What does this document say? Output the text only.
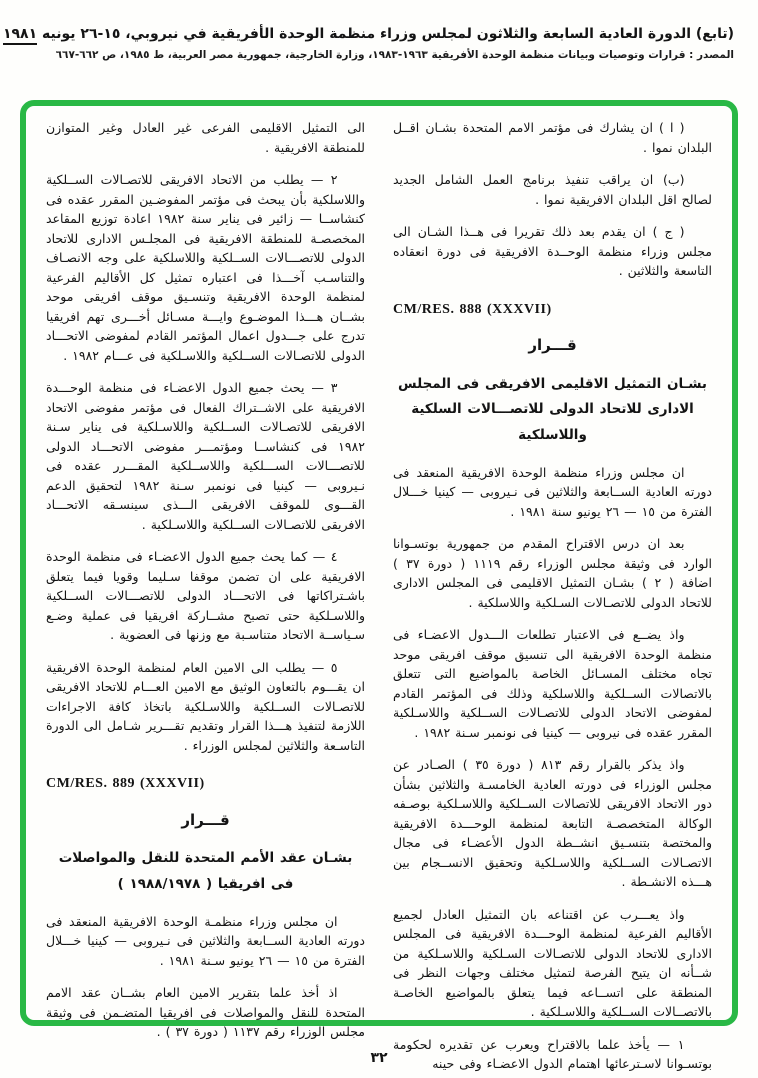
(تابع) الدورة العادية السابعة والثلاثون لمجلس وزراء منظمة الوحدة الأفريقية في نيروبي، ١٥-٢٦ يونيه ١٩٨١
المصدر : قرارات وتوصيات وبيانات منظمة الوحدة الأفريقية ١٩٦٣-١٩٨٣، وزارة الخارجية، جمهورية مصر العربية، ط ١٩٨٥، ص ٦٦٢-٦٦٧

( ا ) ان يشارك فى مؤتمر الامم المتحدة بشـان اقــل البلدان نموا .

(ب) ان يراقب تنفيذ برنامج العمل الشامل الجديد لصالح اقل البلدان الافريقية نموا .

( ج ) ان يقدم بعد ذلك تقريرا فى هــذا الشـان الى مجلس وزراء منظمة الوحــدة الافريقية فى دورة انعقاده التاسعة والثلاثين .

CM/RES. 888 (XXXVII)

قـــرار

بشـان التمثيل الاقليمى الافريقى فى المجلس الادارى للاتحاد الدولى للاتصـــالات السلكية واللاسلكية

ان مجلس وزراء منظمة الوحدة الافريقية المنعقد فى دورته العادية الســابعة والثلاثين فى نـيروبى — كينيا خـــلال الفترة من ١٥ — ٢٦ يونيو سنة ١٩٨١ .

بعد ان درس الاقتراح المقدم من جمهورية بوتسـوانا الوارد فى وثيقة مجلس الوزراء رقم ١١١٩ ( دورة ٣٧ ) اضافة ( ٢ ) بشـان التمثيل الاقليمى فى المجلس الادارى للاتحاد الدولى للاتصـالات السـلكية واللاسلكية .

واذ يضــع فى الاعتبار تطلعات الـــدول الاعضـاء فى منظمة الوحدة الافريقية الى تنسيق موقف افريقى موحد تجاه مختلف المسـائل الخاصة بالمواضيع التى تتعلق بالاتصالات الســلكية واللاسلكية وذلك فى المؤتمر القادم لمفوضى الاتحاد الدولى للاتصـالات الســلكية واللاسـلكية المقرر عقده فى نيروبى — كينيا فى نونمبر سـنة ١٩٨٢ .

واذ يذكر بالقرار رقم ٨١٣ ( دورة ٣٥ ) الصـادر عن مجلس الوزراء فى دورته العادية الخامسـة والثلاثين بشأن دور الاتحاد الافريقى للاتصالات الســلكية واللاسـلكية بوصـفه الوكالة المتخصصـة التابعة لمنظمة الوحـــدة الافريقية والمختصة بتنسـيق انشــطة الدول الأعضـاء فى مجال الاتصـالات الســلكية واللاسـلكية وتحقيق الانســجام بين هـــذه الانشـطة .

واذ يعـــرب عن اقتناعه بان التمثيل العادل لجميع الأقاليم الفرعية لمنظمة الوحـــدة الافريقية فى المجلس الادارى للاتحاد الدولى للاتصـالات السـلكية واللاسـلكية من شــأنه ان يتيح الفرصة لتمثيل مختلف وجهات النظر فى المنطقة على اتســاعه فيما يتعلق بالمواضيع الخاصـة بالاتصــالات الســلكية واللاسـلكية .

١ — يأخذ علما بالاقتراح ويعرب عن تقديره لحكومة بوتسـوانا لاسـترعائها اهتمام الدول الاعضـاء وفى حينه

الى التمثيل الاقليمى الفرعى غير العادل وغير المتوازن للمنطقة الافريقية .

٢ — يطلب من الاتحاد الافريقى للاتصـالات الســلكية واللاسلكية بأن يبحث فى مؤتمر المفوضـين المقرر عقده فى كنشاســا — زائير فى يناير سنة ١٩٨٢ اعادة توزيع المقاعد المخصصـة للمنطقة الافريقية فى المجلـس الادارى للاتحاد الدولى للاتصـــالات الســلكية واللاسلكية على وجه الانصـاف والتناسـب آخـــذا فى اعتباره تمثيل كل الأقاليم الفرعية لمنظمة الوحدة الافريقية وتنسـيق موقف افريقى موحد بشــان هـــذا الموضـوع وايـــة مسـائل أخـــرى تهم افريقيا تدرج على جـــدول اعمال المؤتمر القادم لمفوضى الاتحـــاد الدولى للاتصـالات الســلكية واللاسـلكية فى عـــام ١٩٨٢ .

٣ — يحث جميع الدول الاعضـاء فى منظمة الوحـــدة الافريقية على الاشــتراك الفعال فى مؤتمر مفوضى الاتحاد الافريقى للاتصـالات الســلكية واللاسـلكية فى يناير سـنة ١٩٨٢ فى كنشاســا ومؤتمـــر مفوضى الاتحـــاد الدولى للاتصـــالات الســـلكية واللاســلكية المقـــرر عقده فى نـيروبى — كينيا فى نونمبر سـنة ١٩٨٢ لتحقيق الدعم القـــوى للموقف الافريقى الـــذى سينسـقه الاتحـــاد الافريقى للاتصـالات الســلكية واللاسـلكية .

٤ — كما يحث جميع الدول الاعضـاء فى منظمة الوحدة الافريقية على ان تضمن موقفا سـليما وقويا فيما يتعلق باشـتراكاتها فى الاتحـــاد الدولى للاتصـــالات الســلكية واللاسـلكية حتى تصبح مشــاركة افريقيا فى عملية وضـع سـياســة الاتحاد متناسـبة مع وزنها فى العضوية .

٥ — يطلب الى الامين العام لمنظمة الوحدة الافريقية ان يقـــوم بالتعاون الوثيق مع الامين العـــام للاتحاد الافريقى للاتصـالات الســلكية واللاسـلكية باتخاذ كافة الاجراءات اللازمة لتنفيذ هـــذا القرار وتقديم تقـــرير شـامل الى الدورة التاسـعة والثلاثين لمجلس الوزراء .

CM/RES. 889 (XXXVII)

قـــرار

بشـان عقد الأمم المتحدة للنقل والمواصلات فى افريقيا ( ١٩٨٨/١٩٧٨ )

ان مجلس وزراء منظمـة الوحدة الافريقية المنعقد فى دورته العادية الســابعة والثلاثين فى نـيروبى — كينيا خـــلال الفترة من ١٥ — ٢٦ يونيو سـنة ١٩٨١ .

اذ أخذ علما بتقرير الامين العام بشــان عقد الامم المتحدة للنقل والمواصلات فى افريقيا المتضـمن فى وثيقة مجلس الوزراء رقم ١١٣٧ ( دورة ٣٧ ) .

٣٢
